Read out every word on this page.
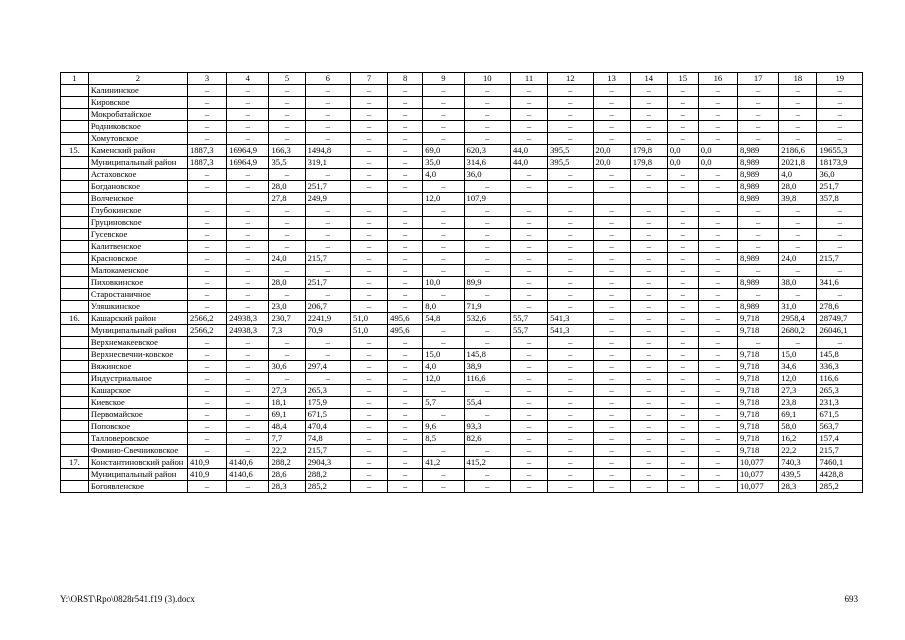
1	2	3	4	5	6	7	8	9	10	11	12	13	14	15	16	17	18	19
	Калининское	–	–	–	–	–	–	–	–	–	–	–	–	–	–	–	–	–
	Кировское	–	–	–	–	–	–	–	–	–	–	–	–	–	–	–	–	–
	Мокробатайское	–	–	–	–	–	–	–	–	–	–	–	–	–	–	–	–	–
	Родниковское	–	–	–	–	–	–	–	–	–	–	–	–	–	–	–	–	–
	Хомутовское	–	–	–	–	–	–	–	–	–	–	–	–	–	–	–	–	–
15.	Каменский район	1887,3	16964,9	166,3	1494,8	–	–	69,0	620,3	44,0	395,5	20,0	179,8	0,0	0,0	8,989	2186,6	19655,3
	Муниципальный район	1887,3	16964,9	35,5	319,1	–	–	35,0	314,6	44,0	395,5	20,0	179,8	0,0	0,0	8,989	2021,8	18173,9
	Астаховское	–	–	–	–	–	–	4,0	36,0	–	–	–	–	–	–	8,989	4,0	36,0
	Богдановское	–	–	28,0	251,7	–	–	–	–	–	–	–	–	–	–	8,989	28,0	251,7
	Волченское			27,8	249,9			12,0	107,9							8,989	39,8	357,8
	Глубокинское	–	–	–	–	–	–	–	–	–	–	–	–	–	–	–	–	–
	Груциновское	–	–	–	–	–	–	–	–	–	–	–	–	–	–	–	–	–
	Гусевское	–	–	–	–	–	–	–	–	–	–	–	–	–	–	–	–	–
	Калитвенское	–	–	–	–	–	–	–	–	–	–	–	–	–	–	–	–	–
	Красновское	–	–	24,0	215,7	–	–	–	–	–	–	–	–	–	–	8,989	24,0	215,7
	Малокаменское	–	–	–	–	–	–	–	–	–	–	–	–	–	–	–	–	–
	Пиховкинское	–	–	28,0	251,7	–	–	10,0	89,9	–	–	–	–	–	–	8,989	38,0	341,6
	Старостаничное	–	–	–	–	–	–	–	–	–	–	–	–	–	–	–	–	–
	Уляшкинское	–	–	23,0	206,7	–	–	8,0	71,9	–	–	–	–	–	–	8,989	31,0	278,6
16.	Кашарский район	2566,2	24938,3	230,7	2241,9	51,0	495,6	54,8	532,6	55,7	541,3	–	–	–	–	9,718	2958,4	28749,7
	Муниципальный район	2566,2	24938,3	7,3	70,9	51,0	495,6	–	–	55,7	541,3	–	–	–	–	9,718	2680,2	26046,1
	Верхнемакеевское	–	–	–	–	–	–	–	–	–	–	–	–	–	–	–	–	–
	Верхнесвечни-ковское	–	–	–	–	–	–	15,0	145,8	–	–	–	–	–	–	9,718	15,0	145,8
	Вяжинское	–	–	30,6	297,4	–	–	4,0	38,9	–	–	–	–	–	–	9,718	34,6	336,3
	Индустриальное	–	–	–	–	–	–	12,0	116,6	–	–	–	–	–	–	9,718	12,0	116,6
	Кашарское	–	–	27,3	265,3	–	–	–	–	–	–	–	–	–	–	9,718	27,3	265,3
	Киевское	–	–	18,1	175,9	–	–	5,7	55,4	–	–	–	–	–	–	9,718	23,8	231,3
	Первомайское	–	–	69,1	671,5	–	–	–	–	–	–	–	–	–	–	9,718	69,1	671,5
	Поповское	–	–	48,4	470,4	–	–	9,6	93,3	–	–	–	–	–	–	9,718	58,0	563,7
	Талловеровское	–	–	7,7	74,8	–	–	8,5	82,6	–	–	–	–	–	–	9,718	16,2	157,4
	Фомино-Свечниковское	–	–	22,2	215,7	–	–	–	–	–	–	–	–	–	–	9,718	22,2	215,7
17.	Константиновский район	410,9	4140,6	288,2	2904,3	–	–	41,2	415,2	–	–	–	–	–	–	10,077	740,3	7460,1
	Муниципальный район	410,9	4140,6	28,6	288,2	–	–	–	–	–	–	–	–	–	–	10,077	439,5	4428,8
	Богоявленское	–	–	28,3	285,2	–	–	–	–	–	–	–	–	–	–	10,077	28,3	285,2
Y:\ORST\Rpo\0828r541.f19 (3).docx	693
